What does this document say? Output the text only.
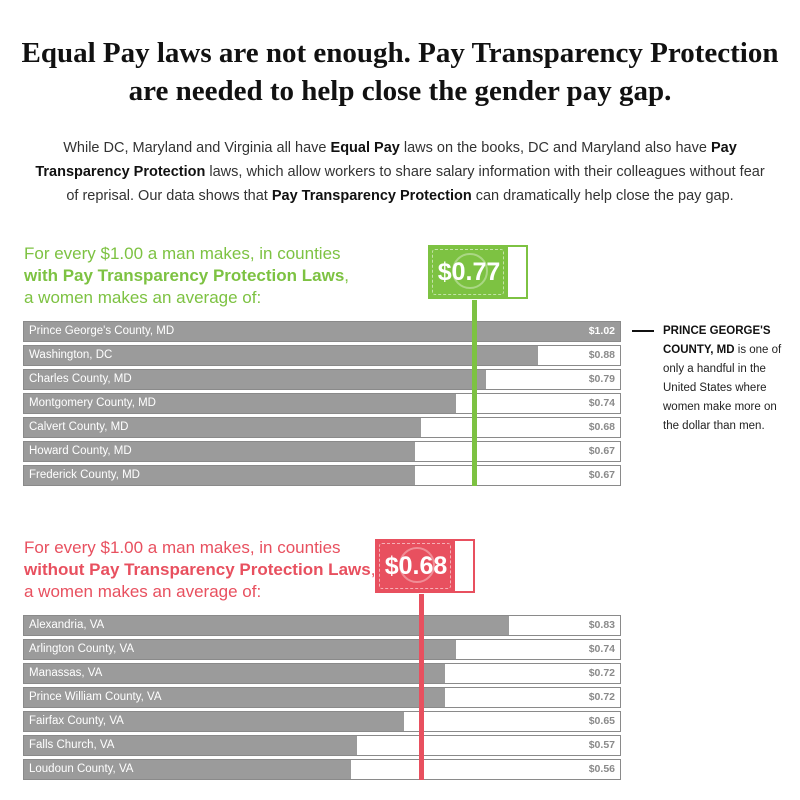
Equal Pay laws are not enough. Pay Transparency Protection are needed to help close the gender pay gap.

While DC, Maryland and Virginia all have Equal Pay laws on the books, DC and Maryland also have Pay Transparency Protection laws, which allow workers to share salary information with their colleagues without fear of reprisal. Our data shows that Pay Transparency Protection can dramatically help close the pay gap.

For every $1.00 a man makes, in counties
with Pay Transparency Protection Laws,
a women makes an average of:

Prince George's County, MD	$1.02
Washington, DC	$0.88
Charles County, MD	$0.79
Montgomery County, MD	$0.74
Calvert County, MD	$0.68
Howard County, MD	$0.67
Frederick County, MD	$0.67
$0.77

PRINCE GEORGE'S COUNTY, MD is one of only a handful in the United States where women make more on the dollar than men.

For every $1.00 a man makes, in counties
without Pay Transparency Protection Laws,
a women makes an average of:

Alexandria, VA	$0.83
Arlington County, VA	$0.74
Manassas, VA	$0.72
Prince William County, VA	$0.72
Fairfax County, VA	$0.65
Falls Church, VA	$0.57
Loudoun County, VA	$0.56
$0.68
